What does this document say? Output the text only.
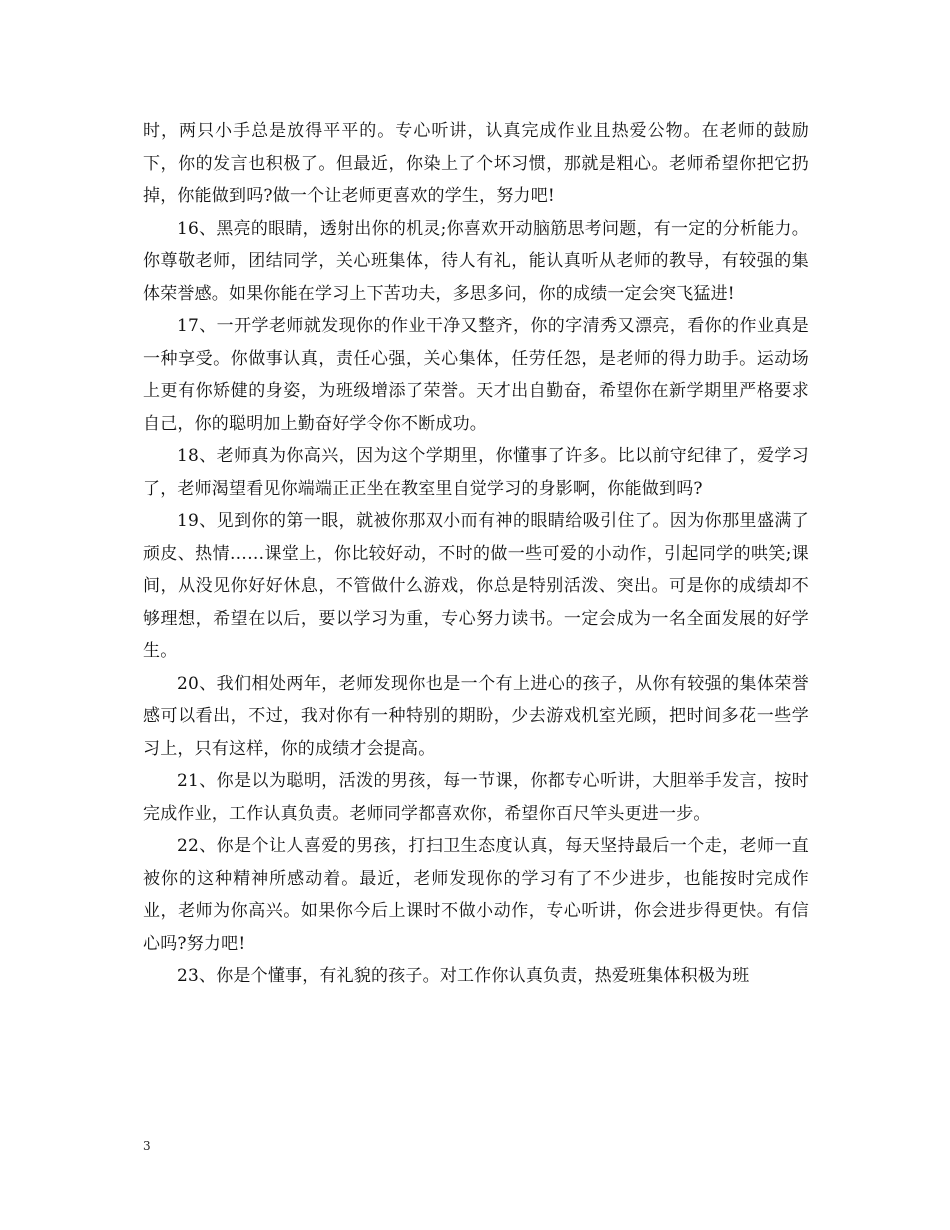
时，两只小手总是放得平平的。专心听讲，认真完成作业且热爱公物。在老师的鼓励下，你的发言也积极了。但最近，你染上了个坏习惯，那就是粗心。老师希望你把它扔掉，你能做到吗?做一个让老师更喜欢的学生，努力吧!

16、黑亮的眼睛，透射出你的机灵;你喜欢开动脑筋思考问题，有一定的分析能力。你尊敬老师，团结同学，关心班集体，待人有礼，能认真听从老师的教导，有较强的集体荣誉感。如果你能在学习上下苦功夫，多思多问，你的成绩一定会突飞猛进!

17、一开学老师就发现你的作业干净又整齐，你的字清秀又漂亮，看你的作业真是一种享受。你做事认真，责任心强，关心集体，任劳任怨，是老师的得力助手。运动场上更有你矫健的身姿，为班级增添了荣誉。天才出自勤奋，希望你在新学期里严格要求自己，你的聪明加上勤奋好学令你不断成功。

18、老师真为你高兴，因为这个学期里，你懂事了许多。比以前守纪律了，爱学习了，老师渴望看见你端端正正坐在教室里自觉学习的身影啊，你能做到吗?

19、见到你的第一眼，就被你那双小而有神的眼睛给吸引住了。因为你那里盛满了顽皮、热情……课堂上，你比较好动，不时的做一些可爱的小动作，引起同学的哄笑;课间，从没见你好好休息，不管做什么游戏，你总是特别活泼、突出。可是你的成绩却不够理想，希望在以后，要以学习为重，专心努力读书。一定会成为一名全面发展的好学生。

20、我们相处两年，老师发现你也是一个有上进心的孩子，从你有较强的集体荣誉感可以看出，不过，我对你有一种特别的期盼，少去游戏机室光顾，把时间多花一些学习上，只有这样，你的成绩才会提高。

21、你是以为聪明，活泼的男孩，每一节课，你都专心听讲，大胆举手发言，按时完成作业，工作认真负责。老师同学都喜欢你，希望你百尺竿头更进一步。

22、你是个让人喜爱的男孩，打扫卫生态度认真，每天坚持最后一个走，老师一直被你的这种精神所感动着。最近，老师发现你的学习有了不少进步，也能按时完成作业，老师为你高兴。如果你今后上课时不做小动作，专心听讲，你会进步得更快。有信心吗?努力吧!

23、你是个懂事，有礼貌的孩子。对工作你认真负责，热爱班集体积极为班

3
